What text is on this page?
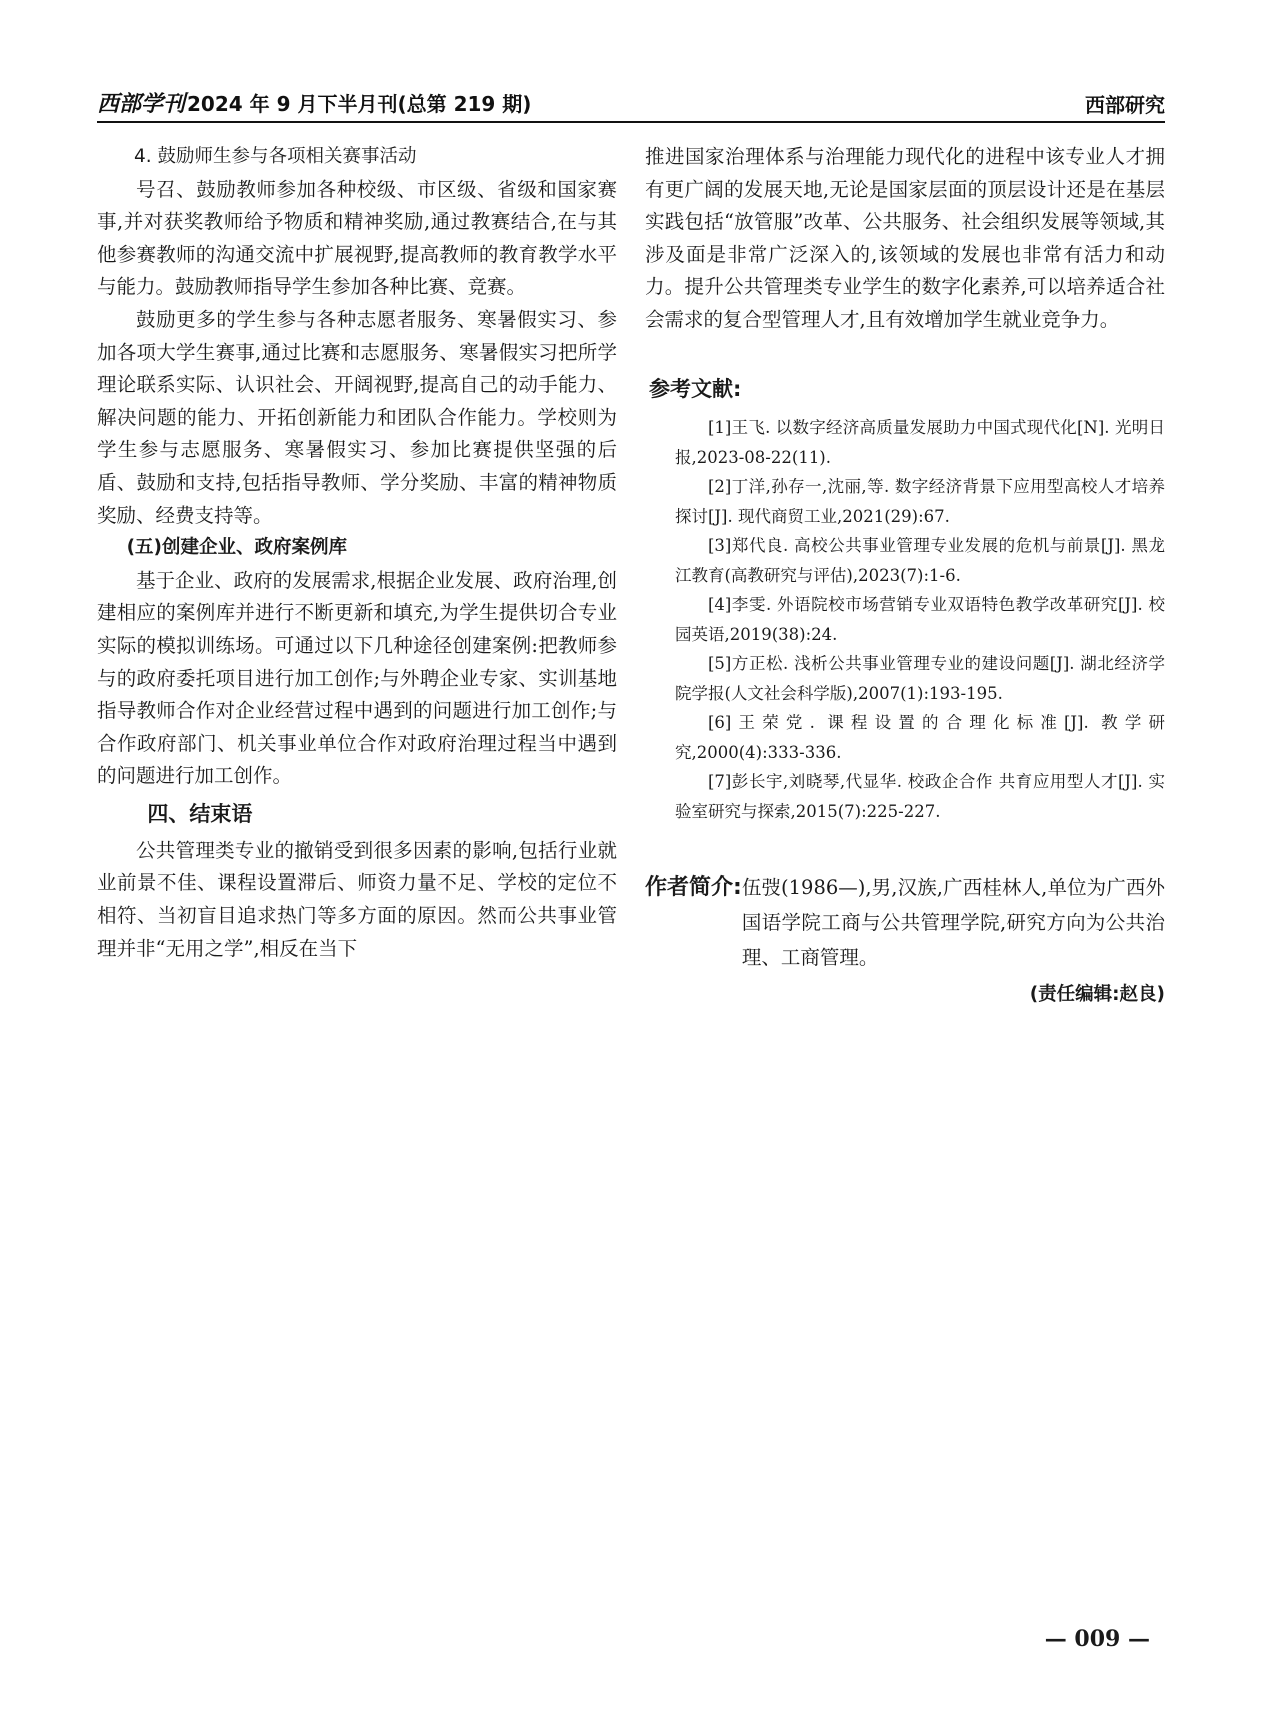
西部学刊 2024 年 9 月下半月刊(总第 219 期)	西部研究

4. 鼓励师生参与各项相关赛事活动

号召、鼓励教师参加各种校级、市区级、省级和国家赛事,并对获奖教师给予物质和精神奖励,通过教赛结合,在与其他参赛教师的沟通交流中扩展视野,提高教师的教育教学水平与能力。鼓励教师指导学生参加各种比赛、竞赛。

鼓励更多的学生参与各种志愿者服务、寒暑假实习、参加各项大学生赛事,通过比赛和志愿服务、寒暑假实习把所学理论联系实际、认识社会、开阔视野,提高自己的动手能力、解决问题的能力、开拓创新能力和团队合作能力。学校则为学生参与志愿服务、寒暑假实习、参加比赛提供坚强的后盾、鼓励和支持,包括指导教师、学分奖励、丰富的精神物质奖励、经费支持等。

(五)创建企业、政府案例库

基于企业、政府的发展需求,根据企业发展、政府治理,创建相应的案例库并进行不断更新和填充,为学生提供切合专业实际的模拟训练场。可通过以下几种途径创建案例:把教师参与的政府委托项目进行加工创作;与外聘企业专家、实训基地指导教师合作对企业经营过程中遇到的问题进行加工创作;与合作政府部门、机关事业单位合作对政府治理过程当中遇到的问题进行加工创作。

四、结束语

公共管理类专业的撤销受到很多因素的影响,包括行业就业前景不佳、课程设置滞后、师资力量不足、学校的定位不相符、当初盲目追求热门等多方面的原因。然而公共事业管理并非“无用之学”,相反在当下

推进国家治理体系与治理能力现代化的进程中该专业人才拥有更广阔的发展天地,无论是国家层面的顶层设计还是在基层实践包括“放管服”改革、公共服务、社会组织发展等领域,其涉及面是非常广泛深入的,该领域的发展也非常有活力和动力。提升公共管理类专业学生的数字化素养,可以培养适合社会需求的复合型管理人才,且有效增加学生就业竞争力。

参考文献:

[1]王飞. 以数字经济高质量发展助力中国式现代化[N]. 光明日报,2023-08-22(11).

[2]丁洋,孙存一,沈丽,等. 数字经济背景下应用型高校人才培养探讨[J]. 现代商贸工业,2021(29):67.

[3]郑代良. 高校公共事业管理专业发展的危机与前景[J]. 黑龙江教育(高教研究与评估),2023(7):1-6.

[4]李雯. 外语院校市场营销专业双语特色教学改革研究[J]. 校园英语,2019(38):24.

[5]方正松. 浅析公共事业管理专业的建设问题[J]. 湖北经济学院学报(人文社会科学版),2007(1):193-195.

[6]王荣党. 课程设置的合理化标准[J]. 教学研究,2000(4):333-336.

[7]彭长宇,刘晓琴,代显华. 校政企合作 共育应用型人才[J]. 实验室研究与探索,2015(7):225-227.

作者简介: 伍弢(1986—),男,汉族,广西桂林人,单位为广西外国语学院工商与公共管理学院,研究方向为公共治理、工商管理。
(责任编辑:赵良)
— 009 —
